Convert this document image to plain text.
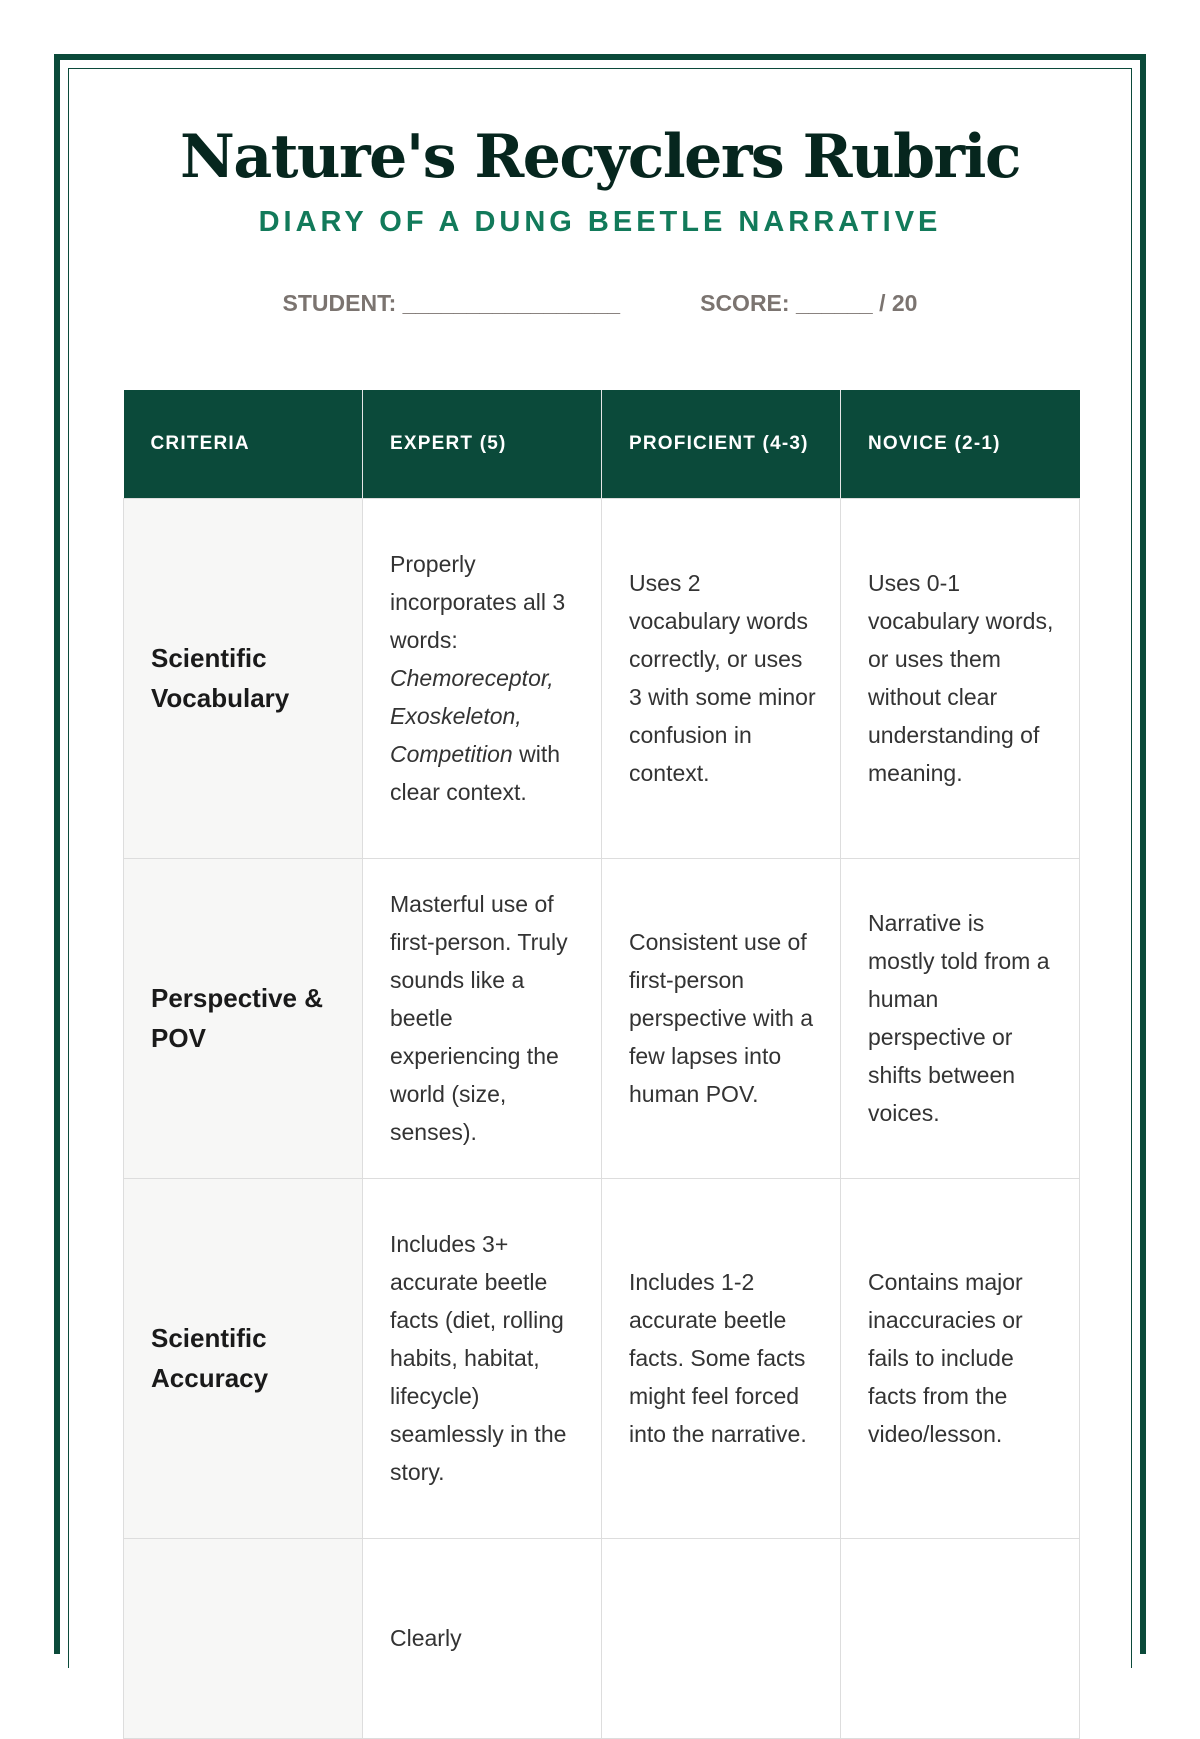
Nature's Recyclers Rubric
DIARY OF A DUNG BEETLE NARRATIVE
STUDENT: _________________	SCORE: ______ / 20
CRITERIA	EXPERT (5)	PROFICIENT (4-3)	NOVICE (2-1)
Scientific Vocabulary	Properly incorporates all 3 words: Chemoreceptor, Exoskeleton, Competition with clear context.	Uses 2 vocabulary words correctly, or uses 3 with some minor confusion in context.	Uses 0-1 vocabulary words, or uses them without clear understanding of meaning.
Perspective & POV	Masterful use of first-person. Truly sounds like a beetle experiencing the world (size, senses).	Consistent use of first-person perspective with a few lapses into human POV.	Narrative is mostly told from a human perspective or shifts between voices.
Scientific Accuracy	Includes 3+ accurate beetle facts (diet, rolling habits, habitat, lifecycle) seamlessly in the story.	Includes 1-2 accurate beetle facts. Some facts might feel forced into the narrative.	Contains major inaccuracies or fails to include facts from the video/lesson.
	Clearly		
